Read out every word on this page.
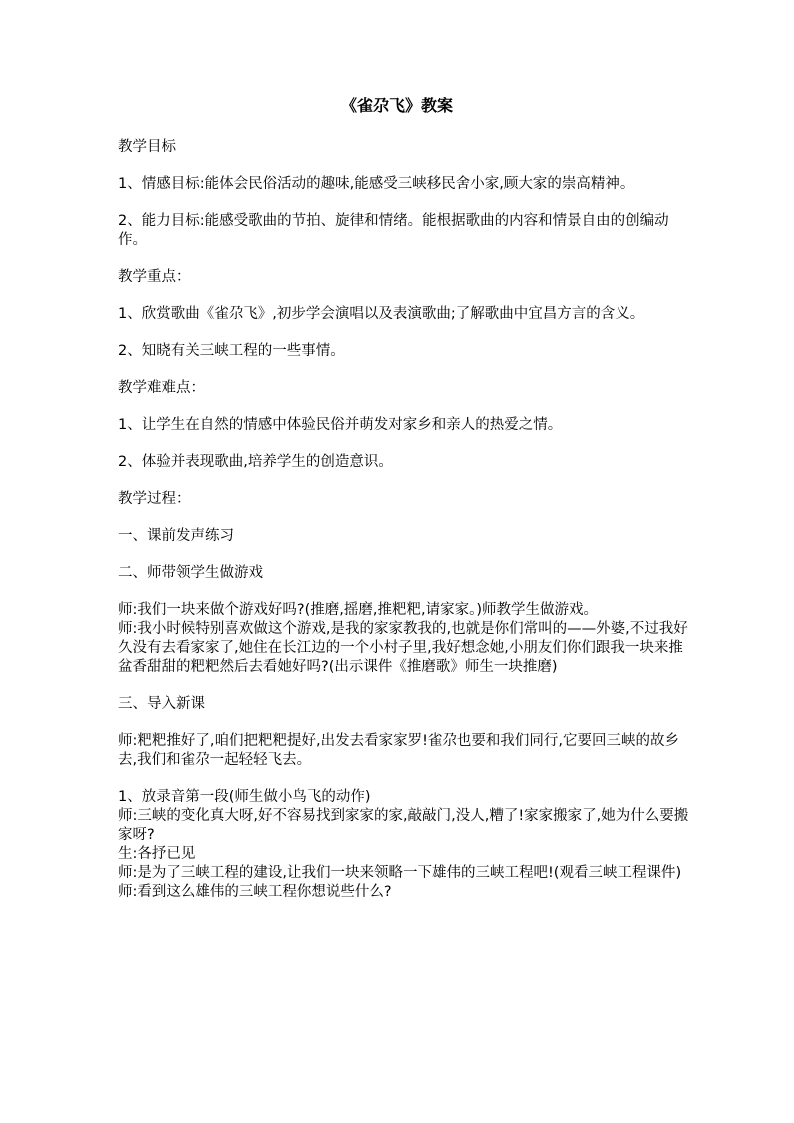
《雀尕飞》教案

教学目标

1、情感目标:能体会民俗活动的趣味,能感受三峡移民舍小家,顾大家的崇高精神。

2、能力目标:能感受歌曲的节拍、旋律和情绪。能根据歌曲的内容和情景自由的创编动作。

教学重点：

1、欣赏歌曲《雀尕飞》,初步学会演唱以及表演歌曲;了解歌曲中宜昌方言的含义。

2、知晓有关三峡工程的一些事情。

教学难难点：

1、让学生在自然的情感中体验民俗并萌发对家乡和亲人的热爱之情。

2、体验并表现歌曲,培养学生的创造意识。

教学过程：

一、课前发声练习

二、师带领学生做游戏

师:我们一块来做个游戏好吗?(推磨,摇磨,推粑粑,请家家。)师教学生做游戏。

师:我小时候特别喜欢做这个游戏,是我的家家教我的,也就是你们常叫的——外婆,不过我好久没有去看家家了,她住在长江边的一个小村子里,我好想念她,小朋友们你们跟我一块来推盆香甜甜的粑粑然后去看她好吗?(出示课件《推磨歌》师生一块推磨)

三、导入新课

师:粑粑推好了,咱们把粑粑提好,出发去看家家罗!雀尕也要和我们同行,它要回三峡的故乡去,我们和雀尕一起轻轻飞去。

1、放录音第一段(师生做小鸟飞的动作)

师:三峡的变化真大呀,好不容易找到家家的家,敲敲门,没人,糟了!家家搬家了,她为什么要搬家呀?

生:各抒已见

师:是为了三峡工程的建设,让我们一块来领略一下雄伟的三峡工程吧!(观看三峡工程课件)

师:看到这么雄伟的三峡工程你想说些什么?
